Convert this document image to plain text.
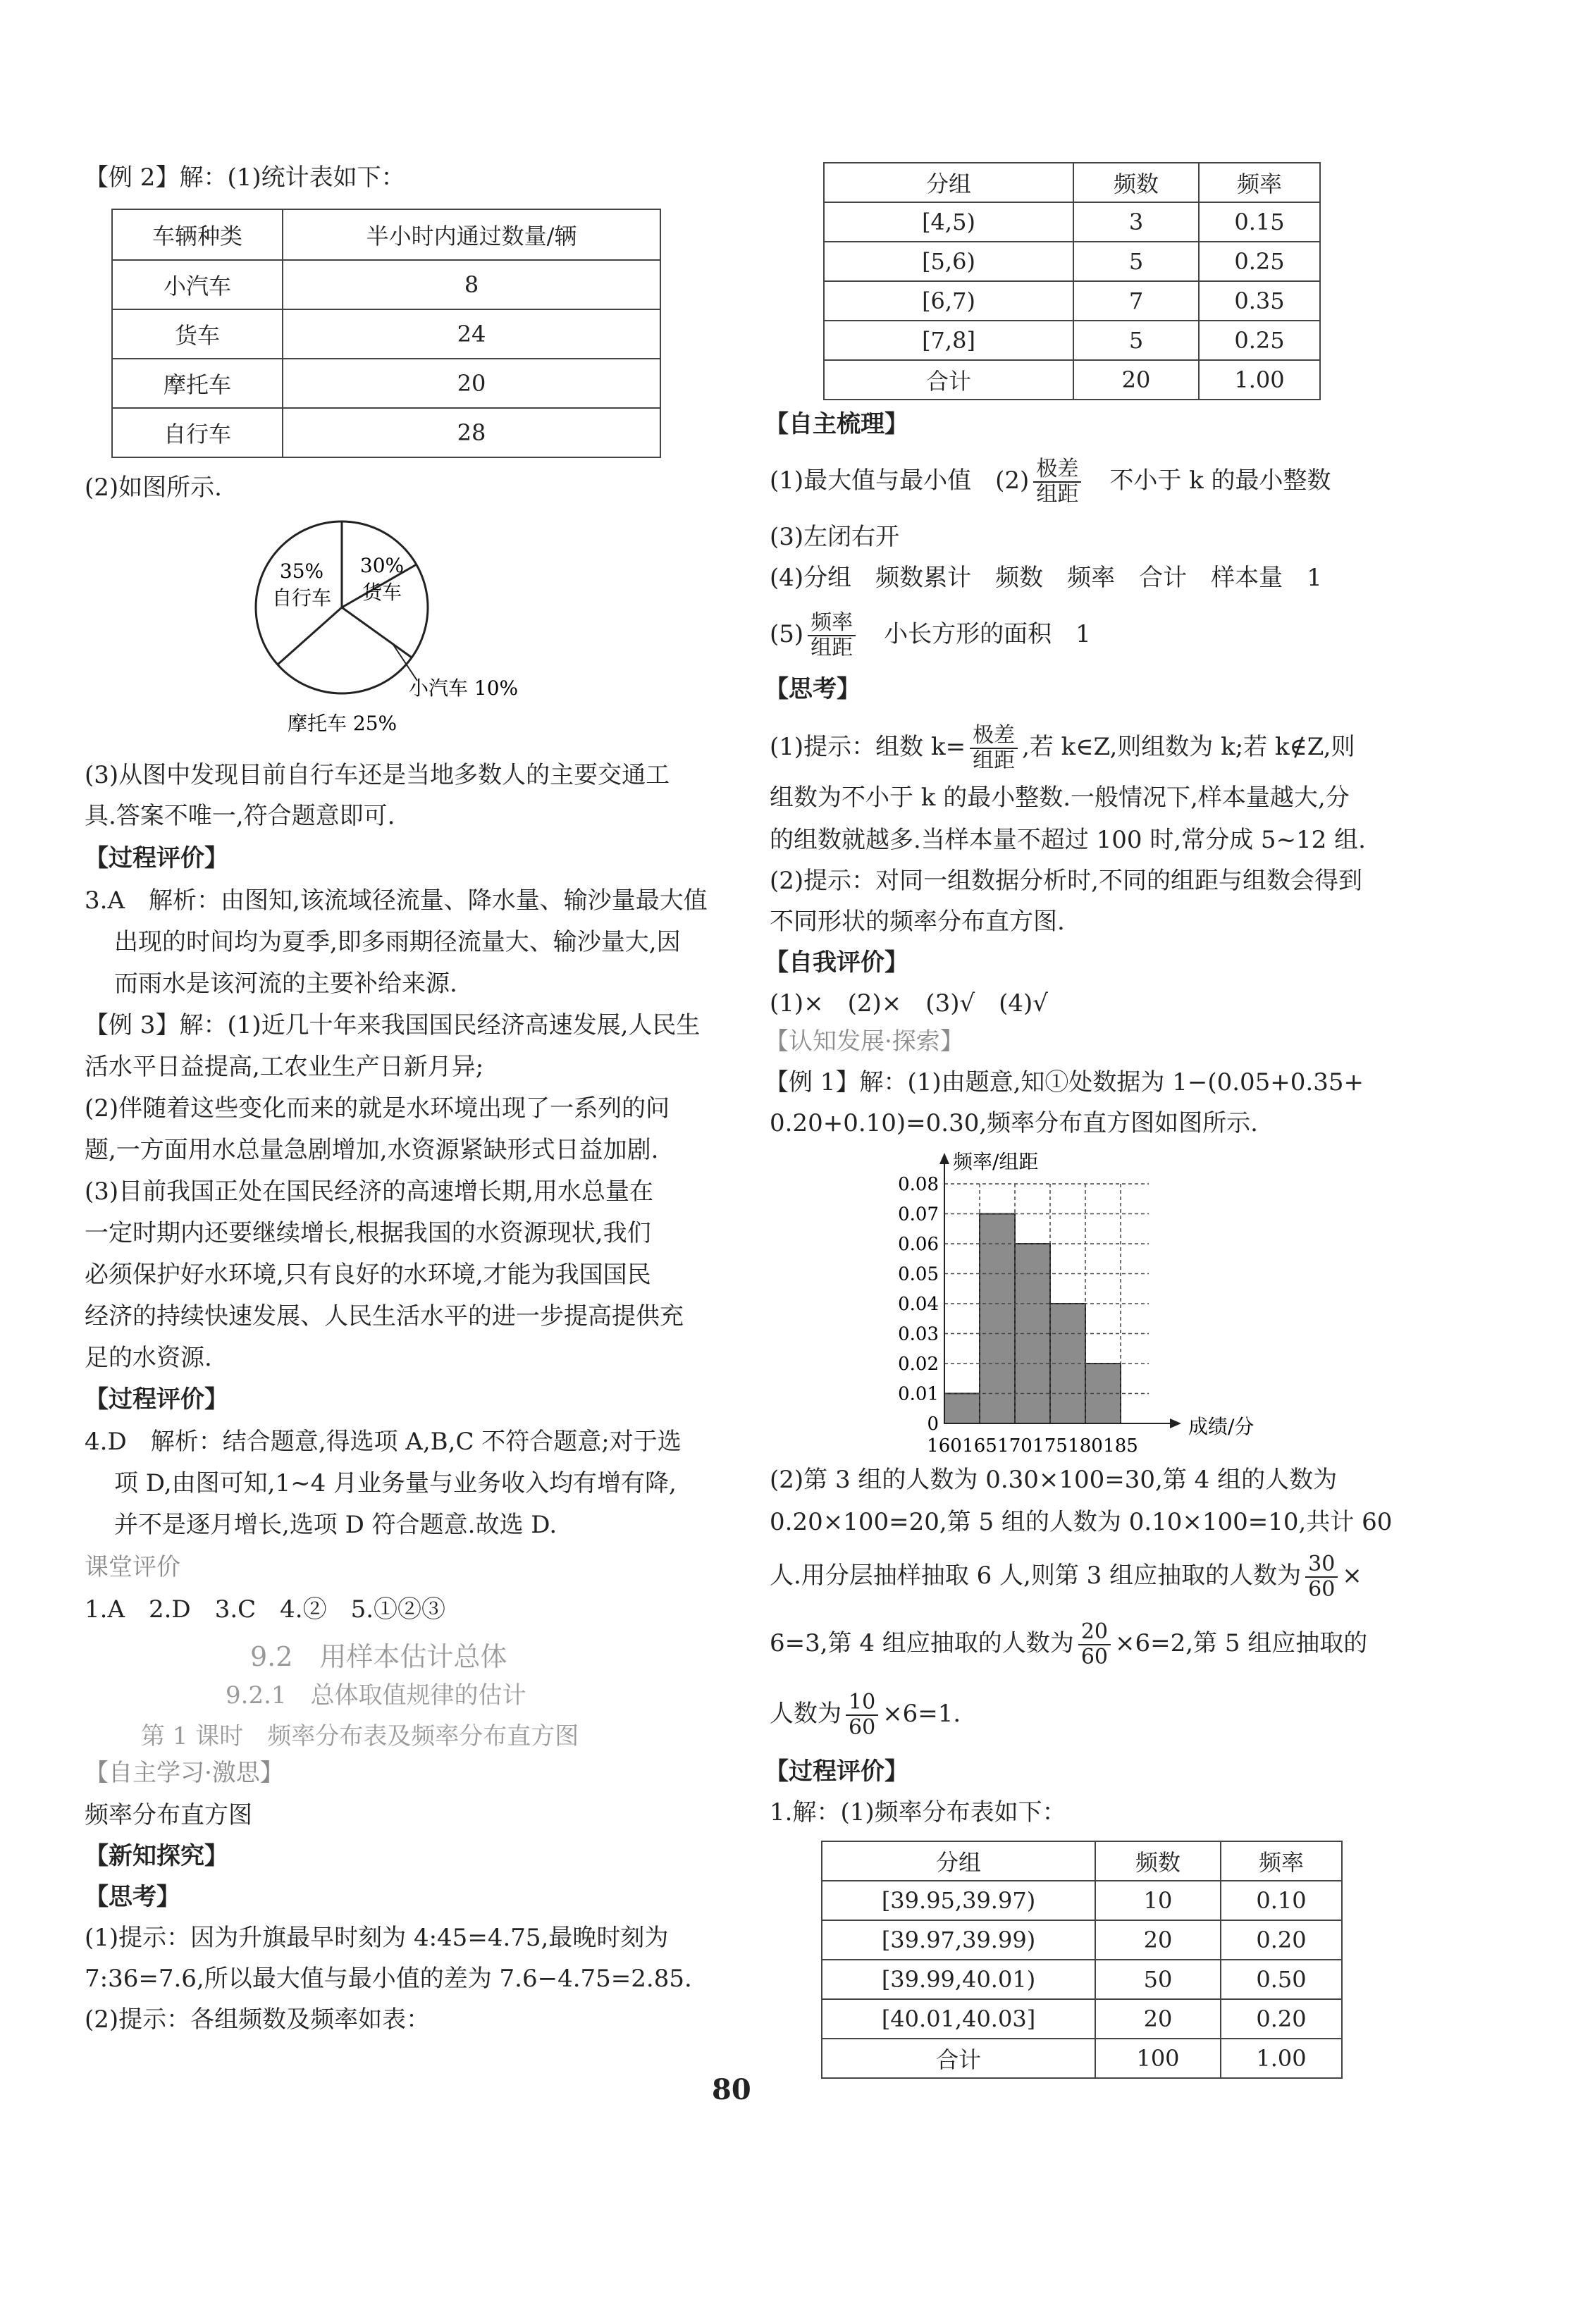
【例 2】解：(1)统计表如下：
车辆种类	半小时内通过数量/辆
小汽车	8
货车	24
摩托车	20
自行车	28
(2)如图所示.
35%
自行车
30%
货车
小汽车 10%
摩托车 25%
(3)从图中发现目前自行车还是当地多数人的主要交通工
具.答案不唯一,符合题意即可.
【过程评价】
3.A　解析：由图知,该流域径流量、降水量、输沙量最大值
出现的时间均为夏季,即多雨期径流量大、输沙量大,因
而雨水是该河流的主要补给来源.
【例 3】解：(1)近几十年来我国国民经济高速发展,人民生
活水平日益提高,工农业生产日新月异;
(2)伴随着这些变化而来的就是水环境出现了一系列的问
题,一方面用水总量急剧增加,水资源紧缺形式日益加剧.
(3)目前我国正处在国民经济的高速增长期,用水总量在
一定时期内还要继续增长,根据我国的水资源现状,我们
必须保护好水环境,只有良好的水环境,才能为我国国民
经济的持续快速发展、人民生活水平的进一步提高提供充
足的水资源.
【过程评价】
4.D　解析：结合题意,得选项 A,B,C 不符合题意;对于选
项 D,由图可知,1~4 月业务量与业务收入均有增有降,
并不是逐月增长,选项 D 符合题意.故选 D.
课堂评价
1.A　2.D　3.C　4.②　5.①②③
9.2　用样本估计总体
9.2.1　总体取值规律的估计
第 1 课时　频率分布表及频率分布直方图
【自主学习·激思】
频率分布直方图
【新知探究】
【思考】
(1)提示：因为升旗最早时刻为 4:45=4.75,最晚时刻为
7:36=7.6,所以最大值与最小值的差为 7.6−4.75=2.85.
(2)提示：各组频数及频率如表：
分组	频数	频率
[4,5)	3	0.15
[5,6)	5	0.25
[6,7)	7	0.35
[7,8]	5	0.25
合计	20	1.00
【自主梳理】
(1)最大值与最小值　$(2) \frac{\text{极差}}{\text{组距}}$
　 不小于 k 的最小整数
(3)左闭右开
(4)分组　频数累计　频数　频率　合计　样本量　1
$(5) \frac{\text{频率}}{\text{组距}}$
　 小长方形的面积　1
【思考】
(1)提示：组数 $k= \frac{\text{极差}}{\text{组距}}$ ,若 k∈Z,则组数为 k;若 k∉Z,则
组数为不小于 k 的最小整数.一般情况下,样本量越大,分
的组数就越多.当样本量不超过 100 时,常分成 5~12 组.
(2)提示：对同一组数据分析时,不同的组距与组数会得到
不同形状的频率分布直方图.
【自我评价】
(1)×　(2)×　(3)√　(4)√
【认知发展·探索】
【例 1】解：(1)由题意,知①处数据为 1−(0.05+0.35+
0.20+0.10)=0.30,频率分布直方图如图所示.
0
0.01
0.02
0.03
0.04
0.05
0.06
0.07
0.08
160 165 170 175 180 185
频率/组距
成绩/分
(2)第 3 组的人数为 0.30×100=30,第 4 组的人数为
0.20×100=20,第 5 组的人数为 0.10×100=10,共计 60
人.用分层抽样抽取 6 人,则第 3 组应抽取的人数为 $\frac{30}{60}$ ×
6=3,第 4 组应抽取的人数为 $\frac{20}{60} \times 6=2$,第 5 组应抽取的
人数为 $\frac{10}{60} \times 6=1$.
【过程评价】
1.解：(1)频率分布表如下：
分组	频数	频率
[39.95,39.97)	10	0.10
[39.97,39.99)	20	0.20
[39.99,40.01)	50	0.50
[40.01,40.03]	20	0.20
合计	100	1.00
80
